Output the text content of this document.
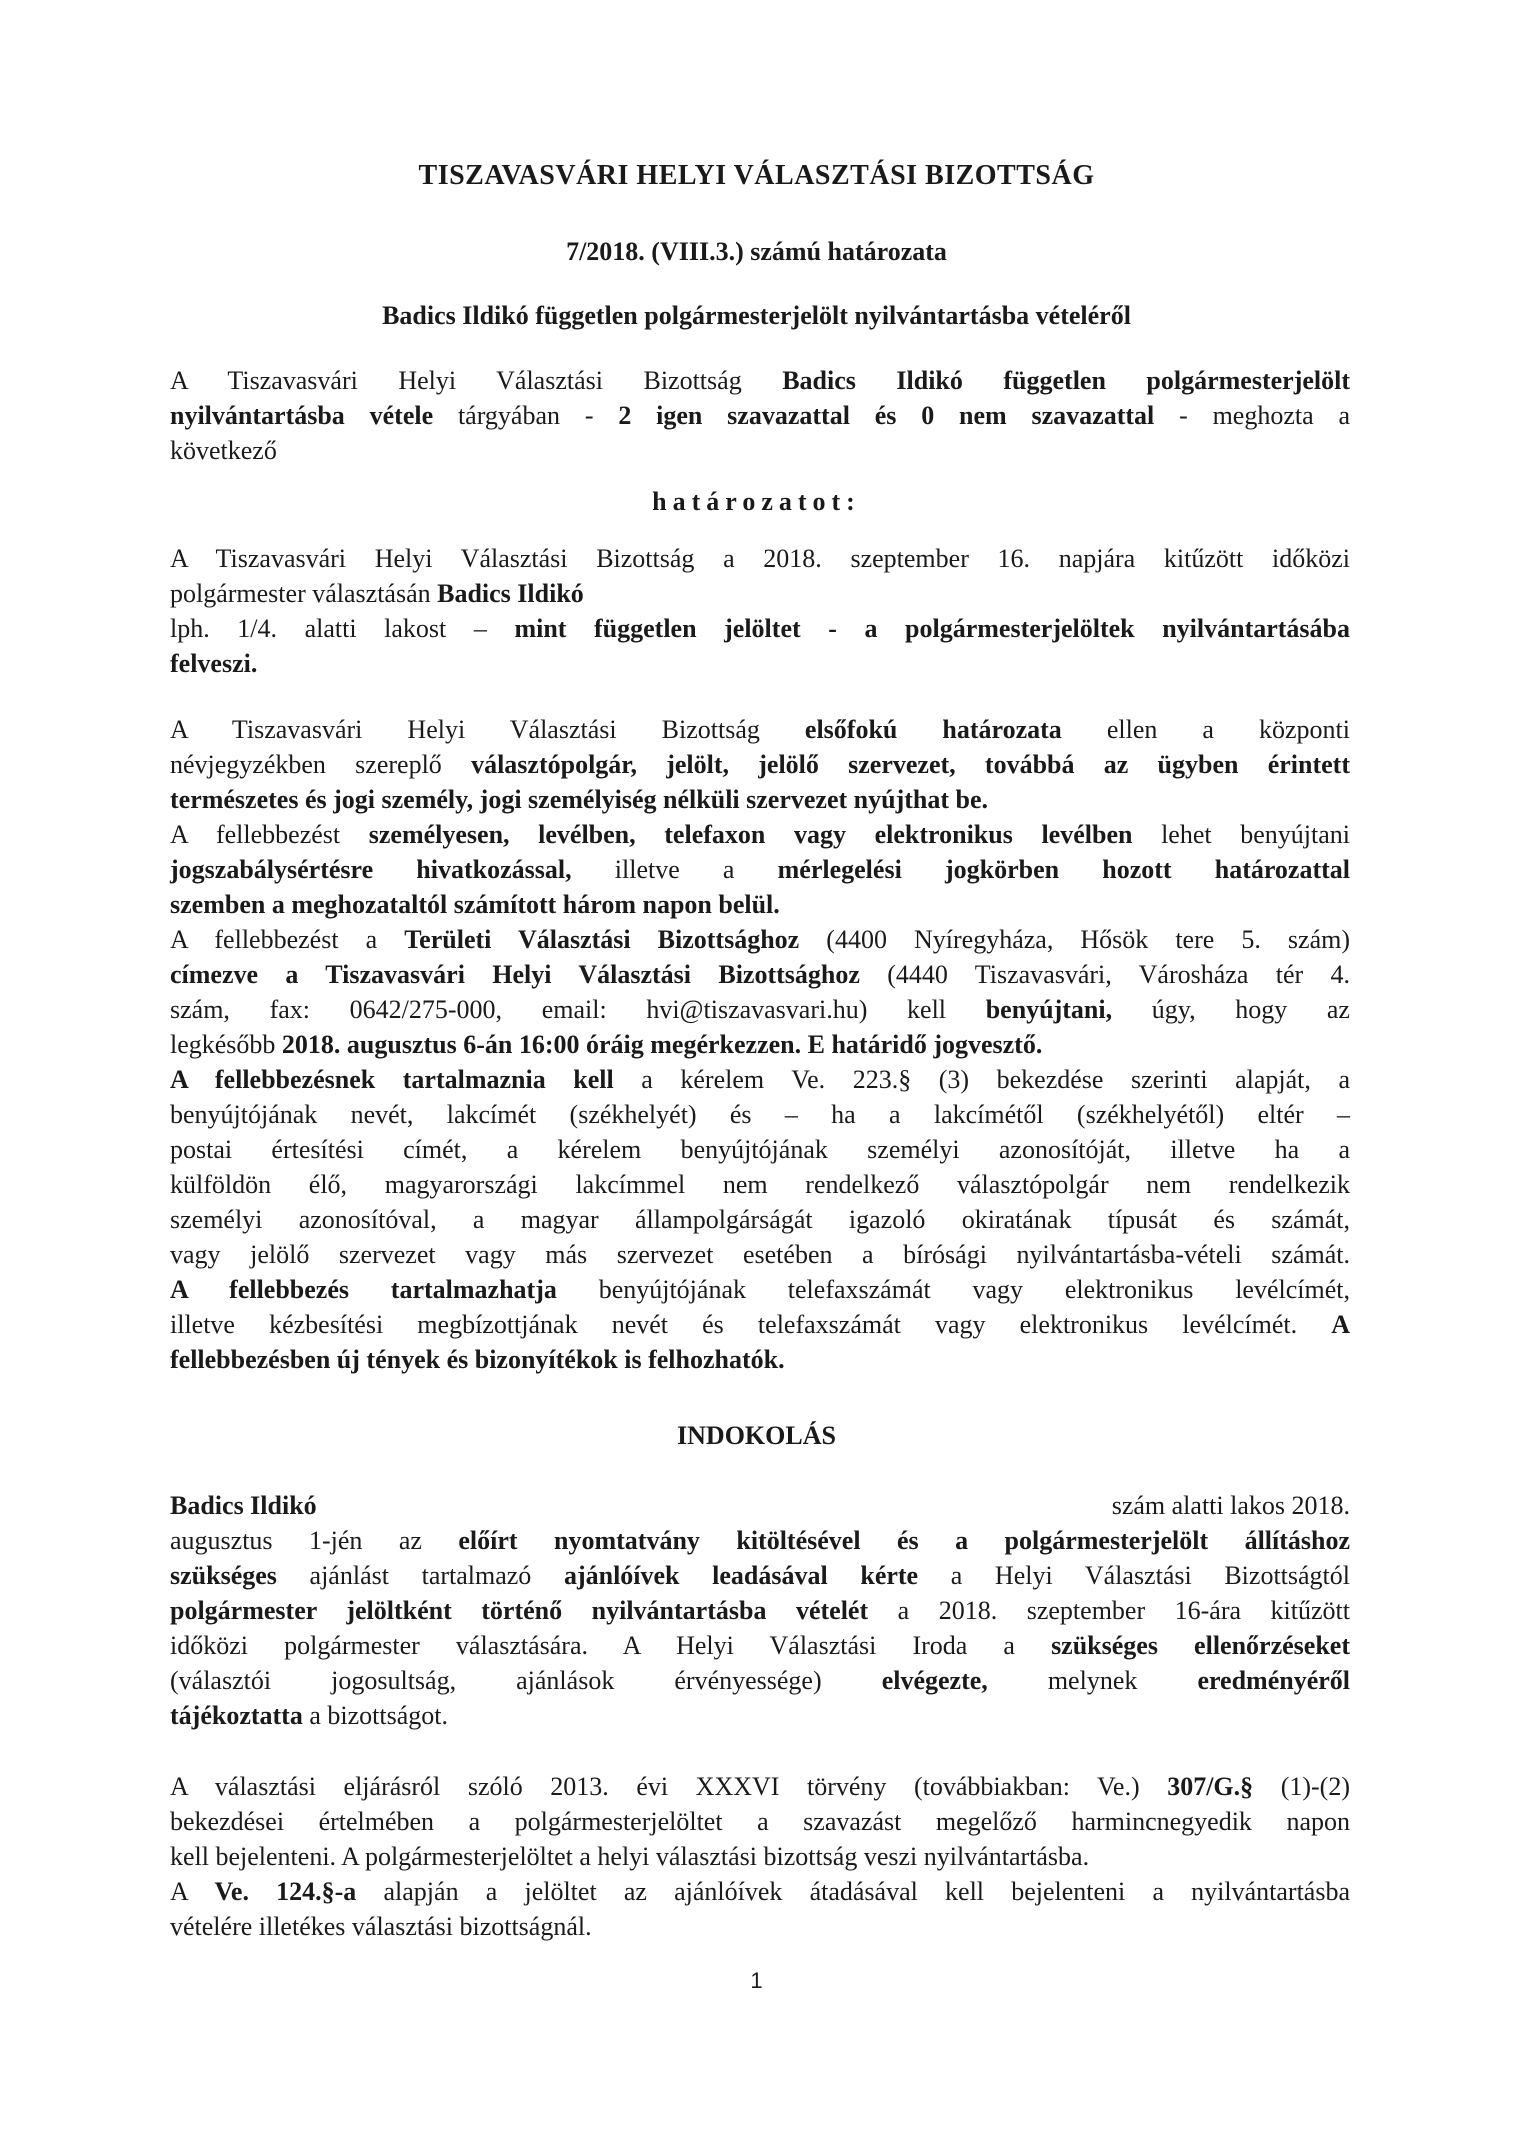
TISZAVASVÁRI HELYI VÁLASZTÁSI BIZOTTSÁG
7/2018. (VIII.3.) számú határozata
Badics Ildikó független polgármesterjelölt nyilvántartásba vételéről
A Tiszavasvári Helyi Választási Bizottság Badics Ildikó független polgármesterjelölt
nyilvántartásba vétele tárgyában - 2 igen szavazattal és 0 nem szavazattal - meghozta a
következő
határozatot:
A Tiszavasvári Helyi Választási Bizottság a 2018. szeptember 16. napjára kitűzött időközi
polgármester választásán Badics Ildikó
lph. 1/4. alatti lakost – mint független jelöltet - a polgármesterjelöltek nyilvántartásába
felveszi.
A Tiszavasvári Helyi Választási Bizottság elsőfokú határozata ellen a központi
névjegyzékben szereplő választópolgár, jelölt, jelölő szervezet, továbbá az ügyben érintett
természetes és jogi személy, jogi személyiség nélküli szervezet nyújthat be.
A fellebbezést személyesen, levélben, telefaxon vagy elektronikus levélben lehet benyújtani
jogszabálysértésre hivatkozással, illetve a mérlegelési jogkörben hozott határozattal
szemben a meghozataltól számított három napon belül.
A fellebbezést a Területi Választási Bizottsághoz (4400 Nyíregyháza, Hősök tere 5. szám)
címezve a Tiszavasvári Helyi Választási Bizottsághoz (4440 Tiszavasvári, Városháza tér 4.
szám, fax: 0642/275-000, email: hvi@tiszavasvari.hu) kell benyújtani, úgy, hogy az
legkésőbb 2018. augusztus 6-án 16:00 óráig megérkezzen. E határidő jogvesztő.
A fellebbezésnek tartalmaznia kell a kérelem Ve. 223.§ (3) bekezdése szerinti alapját, a
benyújtójának nevét, lakcímét (székhelyét) és – ha a lakcímétől (székhelyétől) eltér –
postai értesítési címét, a kérelem benyújtójának személyi azonosítóját, illetve ha a
külföldön élő, magyarországi lakcímmel nem rendelkező választópolgár nem rendelkezik
személyi azonosítóval, a magyar állampolgárságát igazoló okiratának típusát és számát,
vagy jelölő szervezet vagy más szervezet esetében a bírósági nyilvántartásba-vételi számát.
A fellebbezés tartalmazhatja benyújtójának telefaxszámát vagy elektronikus levélcímét,
illetve kézbesítési megbízottjának nevét és telefaxszámát vagy elektronikus levélcímét. A
fellebbezésben új tények és bizonyítékok is felhozhatók.
INDOKOLÁS
Badics Ildikó	szám alatti lakos 2018.
augusztus 1-jén az előírt nyomtatvány kitöltésével és a polgármesterjelölt állításhoz
szükséges ajánlást tartalmazó ajánlóívek leadásával kérte a Helyi Választási Bizottságtól
polgármester jelöltként történő nyilvántartásba vételét a 2018. szeptember 16-ára kitűzött
időközi polgármester választására. A Helyi Választási Iroda a szükséges ellenőrzéseket
(választói jogosultság, ajánlások érvényessége) elvégezte, melynek eredményéről
tájékoztatta a bizottságot.
A választási eljárásról szóló 2013. évi XXXVI törvény (továbbiakban: Ve.) 307/G.§ (1)-(2)
bekezdései értelmében a polgármesterjelöltet a szavazást megelőző harmincnegyedik napon
kell bejelenteni. A polgármesterjelöltet a helyi választási bizottság veszi nyilvántartásba.
A Ve. 124.§-a alapján a jelöltet az ajánlóívek átadásával kell bejelenteni a nyilvántartásba
vételére illetékes választási bizottságnál.
1
